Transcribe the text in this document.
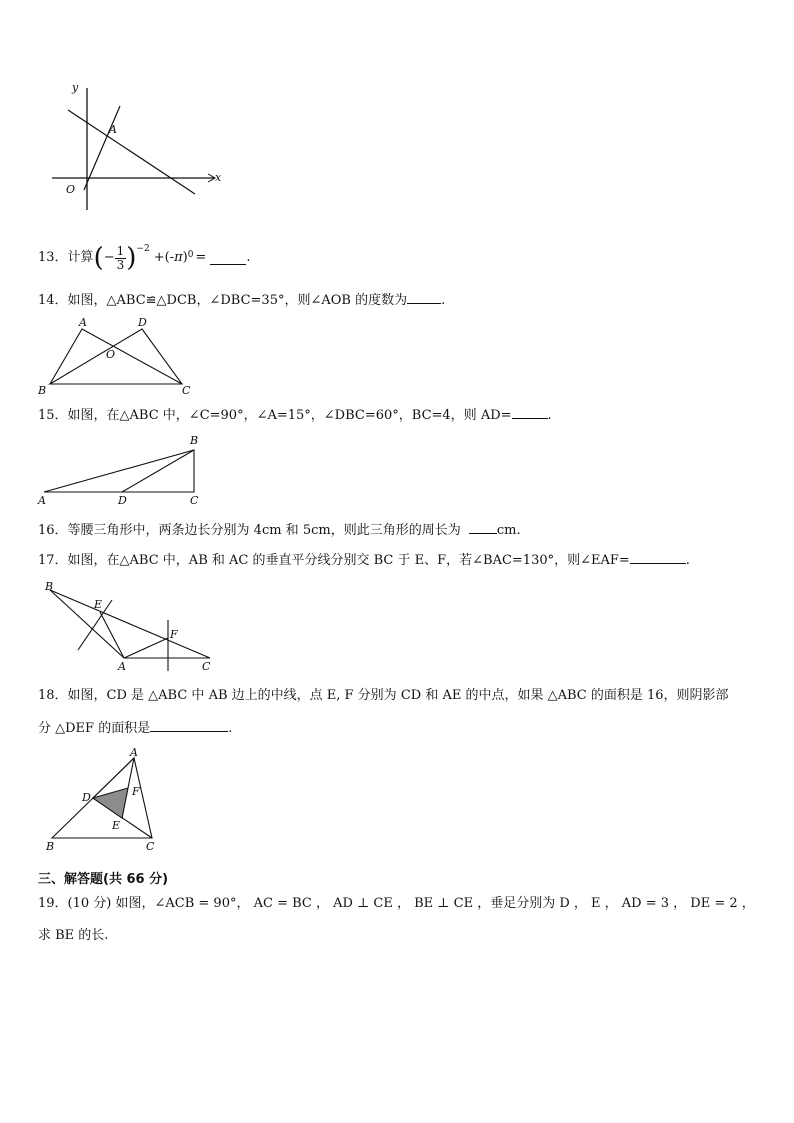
y
x
A
O
13． 计算 ( − $\frac{1}{3} )^{-2}$
+( -π )$^0$ =	.
14．如图，△ABC≌△DCB，∠DBC=35°，则∠AOB 的度数为	.
A	D
O
B	C
15．如图，在△ABC 中，∠C=90°，∠A=15°，∠DBC=60°，BC=4，则 AD=	.
B
A	D	C
16．等腰三角形中，两条边长分别为 4cm 和 5cm，则此三角形的周长为	cm.
17．如图，在△ABC 中，AB 和 AC 的垂直平分线分别交 BC 于 E、F，若∠BAC=130°，则∠EAF=	.
B
E
F
A	C
18．如图，CD 是 △ABC 中 AB 边上的中线，点 E, F 分别为 CD 和 AE 的中点，如果 △ABC 的面积是 16，则阴影部
分 △DEF 的面积是	.
A
D	F
E
B	C
三、解答题(共 66 分)
19．(10 分) 如图，∠ACB = 90°， AC = BC ， AD ⊥ CE ， BE ⊥ CE ，垂足分别为 D ， E ， AD = 3 ， DE = 2 ，
求 BE 的长.
